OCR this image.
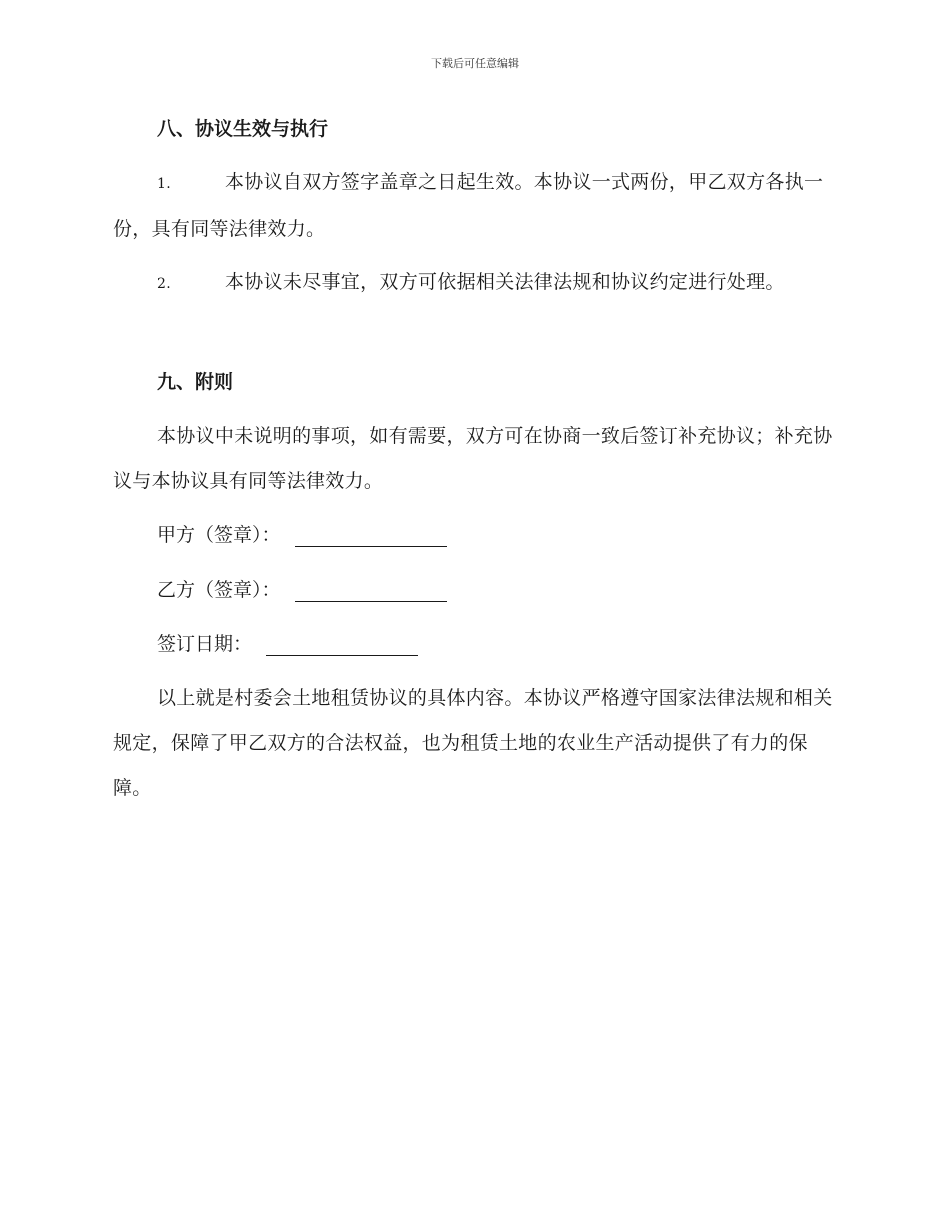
下载后可任意编辑
八、协议生效与执行
1.	本协议自双方签字盖章之日起生效。本协议一式两份，甲乙双方各执一份，具有同等法律效力。
2.	本协议未尽事宜，双方可依据相关法律法规和协议约定进行处理。
九、附则
本协议中未说明的事项，如有需要，双方可在协商一致后签订补充协议；补充协议与本协议具有同等法律效力。
甲方（签章）：
乙方（签章）：
签订日期：
以上就是村委会土地租赁协议的具体内容。本协议严格遵守国家法律法规和相关规定，保障了甲乙双方的合法权益，也为租赁土地的农业生产活动提供了有力的保障。
